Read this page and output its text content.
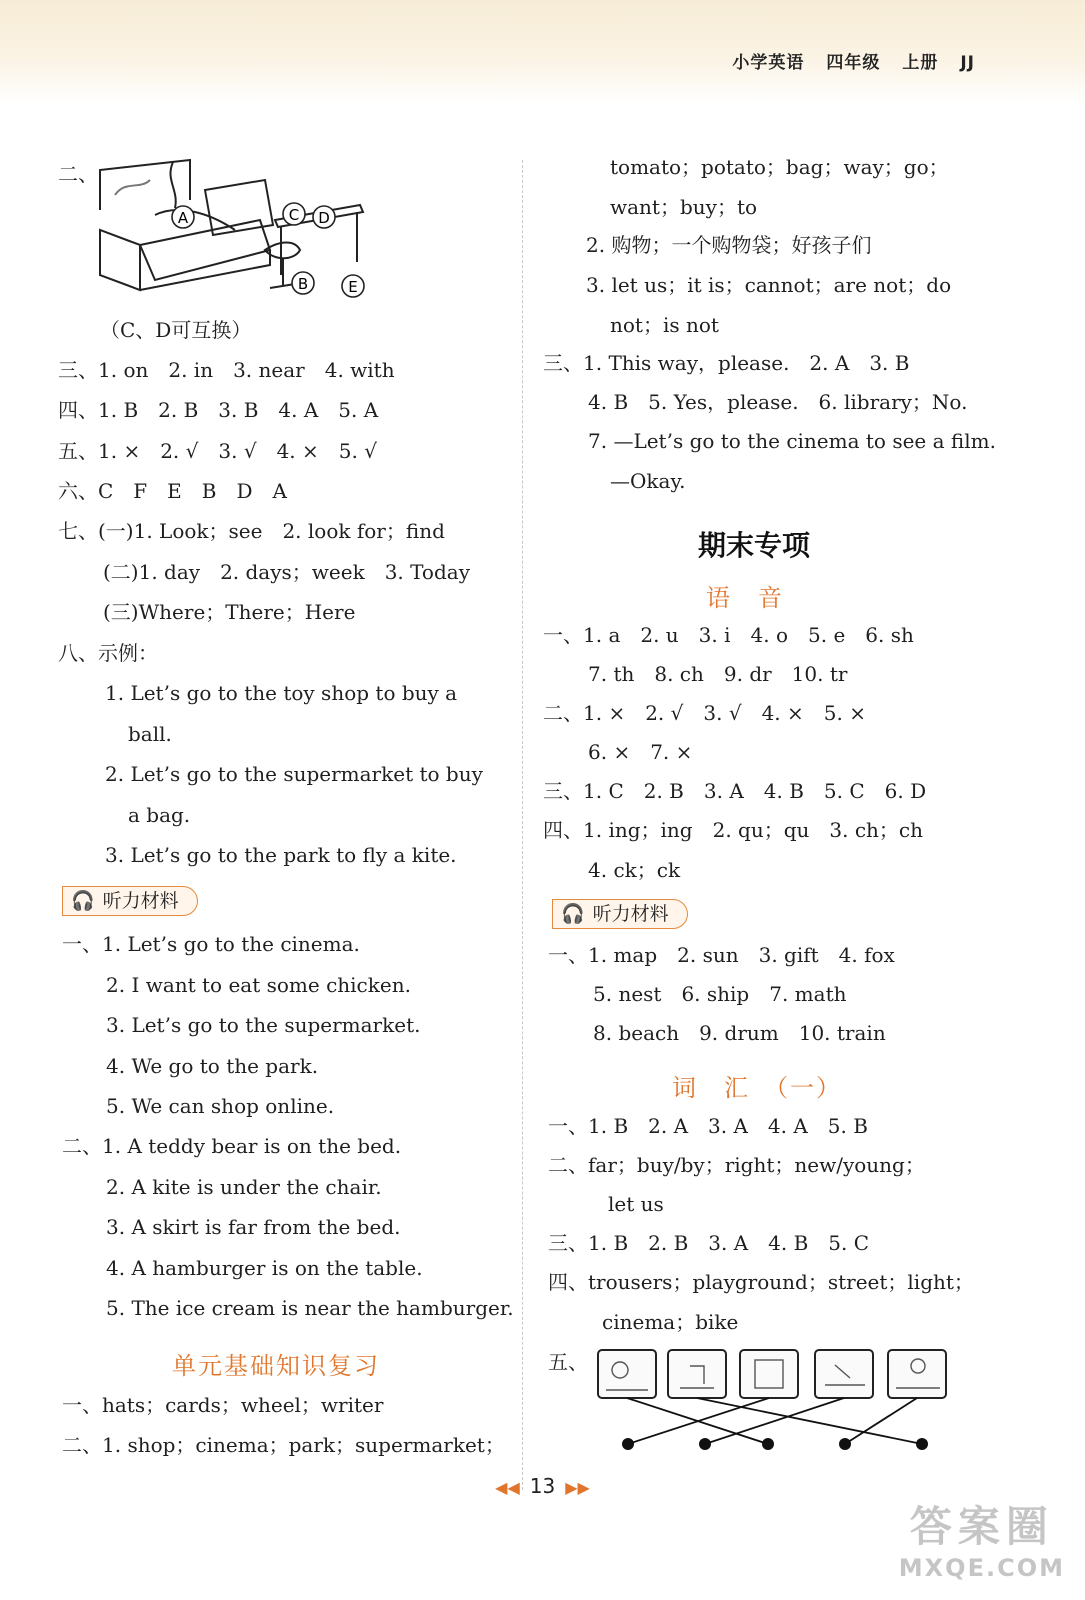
小学英语 四年级 上册 JJ
二、
A
B
C D
E
（C、D可互换）
三、1. on　2. in　3. near　4. with
四、1. B　2. B　3. B　4. A　5. A
五、1. ×　2. √　3. √　4. ×　5. √
六、C　F　E　B　D　A
七、(一)1. Look；see　2. look for；find
(二)1. day　2. days；week　3. Today
(三)Where；There；Here
八、示例：
1. Let’s go to the toy shop to buy a
ball.
2. Let’s go to the supermarket to buy
a bag.
3. Let’s go to the park to fly a kite.
🎧 听力材料
一、1. Let’s go to the cinema.
2. I want to eat some chicken.
3. Let’s go to the supermarket.
4. We go to the park.
5. We can shop online.
二、1. A teddy bear is on the bed.
2. A kite is under the chair.
3. A skirt is far from the bed.
4. A hamburger is on the table.
5. The ice cream is near the hamburger.
单元基础知识复习
一、hats；cards；wheel；writer
二、1. shop；cinema；park；supermarket；
tomato；potato；bag；way；go；
want；buy；to
2. 购物；一个购物袋；好孩子们
3. let us；it is；cannot；are not；do
not；is not
三、1. This way，please.　2. A　3. B
4. B　5. Yes，please.　6. library；No.
7. —Let’s go to the cinema to see a film.
—Okay.
期末专项
语　音
一、1. a　2. u　3. i　4. o　5. e　6. sh
7. th　8. ch　9. dr　10. tr
二、1. ×　2. √　3. √　4. ×　5. ×
6. ×　7. ×
三、1. C　2. B　3. A　4. B　5. C　6. D
四、1. ing；ing　2. qu；qu　3. ch；ch
4. ck；ck
🎧 听力材料
一、1. map　2. sun　3. gift　4. fox
5. nest　6. ship　7. math
8. beach　9. drum　10. train
词　汇　（一）
一、1. B　2. A　3. A　4. A　5. B
二、far；buy/by；right；new/young；
let us
三、1. B　2. B　3. A　4. B　5. C
四、trousers；playground；street；light；
cinema；bike
五、
◀◀ 13 ▶▶
答案圈
MXQE.COM
